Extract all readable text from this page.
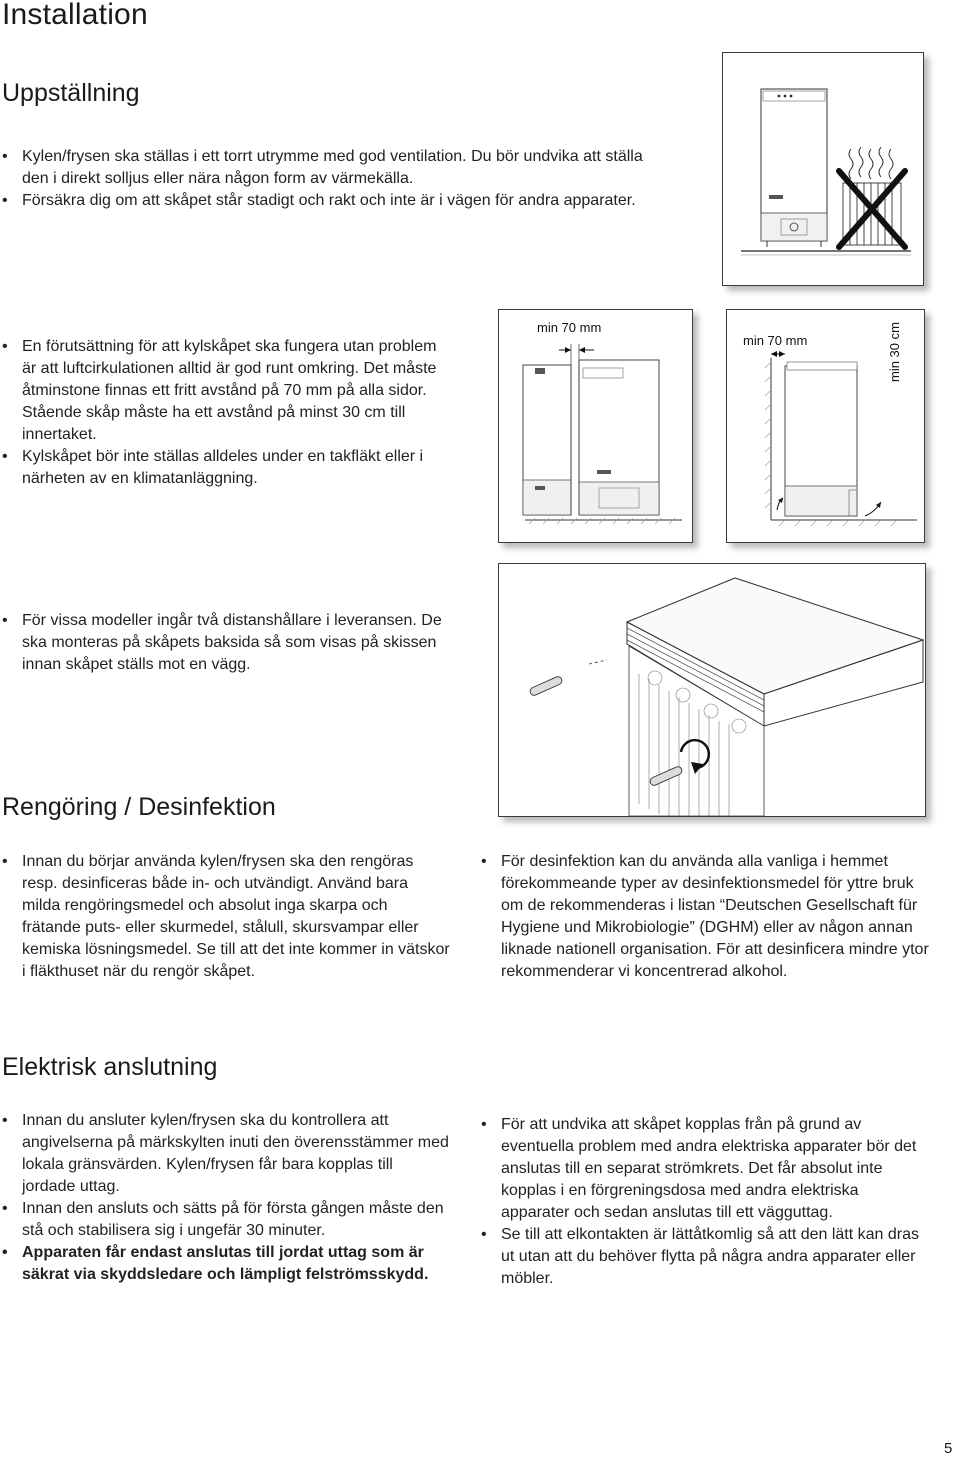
Installation
Uppställning
• Kylen/frysen ska ställas i ett torrt utrymme med god ventilation. Du bör undvika att ställa den i direkt solljus eller nära någon form av värmekälla.
• Försäkra dig om att skåpet står stadigt och rakt och inte är i vägen för andra apparater.
• En förutsättning för att kylskåpet ska fungera utan problem är att luftcirkulationen alltid är god runt omkring. Det måste åtminstone finnas ett fritt avstånd på 70 mm på alla sidor. Stående skåp måste ha ett avstånd på minst 30 cm till innertaket.
• Kylskåpet bör inte ställas alldeles under en takfläkt eller i närheten av en klimatanläggning.
• För vissa modeller ingår två distanshållare i leveransen. De ska monteras på skåpets baksida så som visas på skissen innan skåpet ställs mot en vägg.
min 70 mm
min 70 mm	min 30 cm
Rengöring / Desinfektion
• Innan du börjar använda kylen/frysen ska den rengöras resp. desinficeras både in- och utvändigt. Använd bara milda rengöringsmedel och absolut inga skarpa och frätande puts- eller skurmedel, stålull, skursvampar eller kemiska lösningsmedel. Se till att det inte kommer in vätskor i fläkthuset när du rengör skåpet.
• För desinfektion kan du använda alla vanliga i hemmet förekommeande typer av desinfektionsmedel för yttre bruk om de rekommenderas i listan “Deutschen Gesellschaft für Hygiene und Mikrobiologie” (DGHM) eller av någon annan liknade nationell organisation. För att desinficera mindre ytor rekommenderar vi koncentrerad alkohol.
Elektrisk anslutning
• Innan du ansluter kylen/frysen ska du kontrollera att angivelserna på märkskylten inuti den överensstämmer med lokala gränsvärden. Kylen/frysen får bara kopplas till jordade uttag.
• Innan den ansluts och sätts på för första gången måste den stå och stabilisera sig i ungefär 30 minuter.
• Apparaten får endast anslutas till jordat uttag som är säkrat via skyddsledare och lämpligt felströmsskydd.
• För att undvika att skåpet kopplas från på grund av eventuella problem med andra elektriska apparater bör det anslutas till en separat strömkrets. Det får absolut inte kopplas i en förgreningsdosa med andra elektriska apparater och sedan anslutas till ett vägguttag.
• Se till att elkontakten är lättåtkomlig så att den lätt kan dras ut utan att du behöver flytta på några andra apparater eller möbler.
5
